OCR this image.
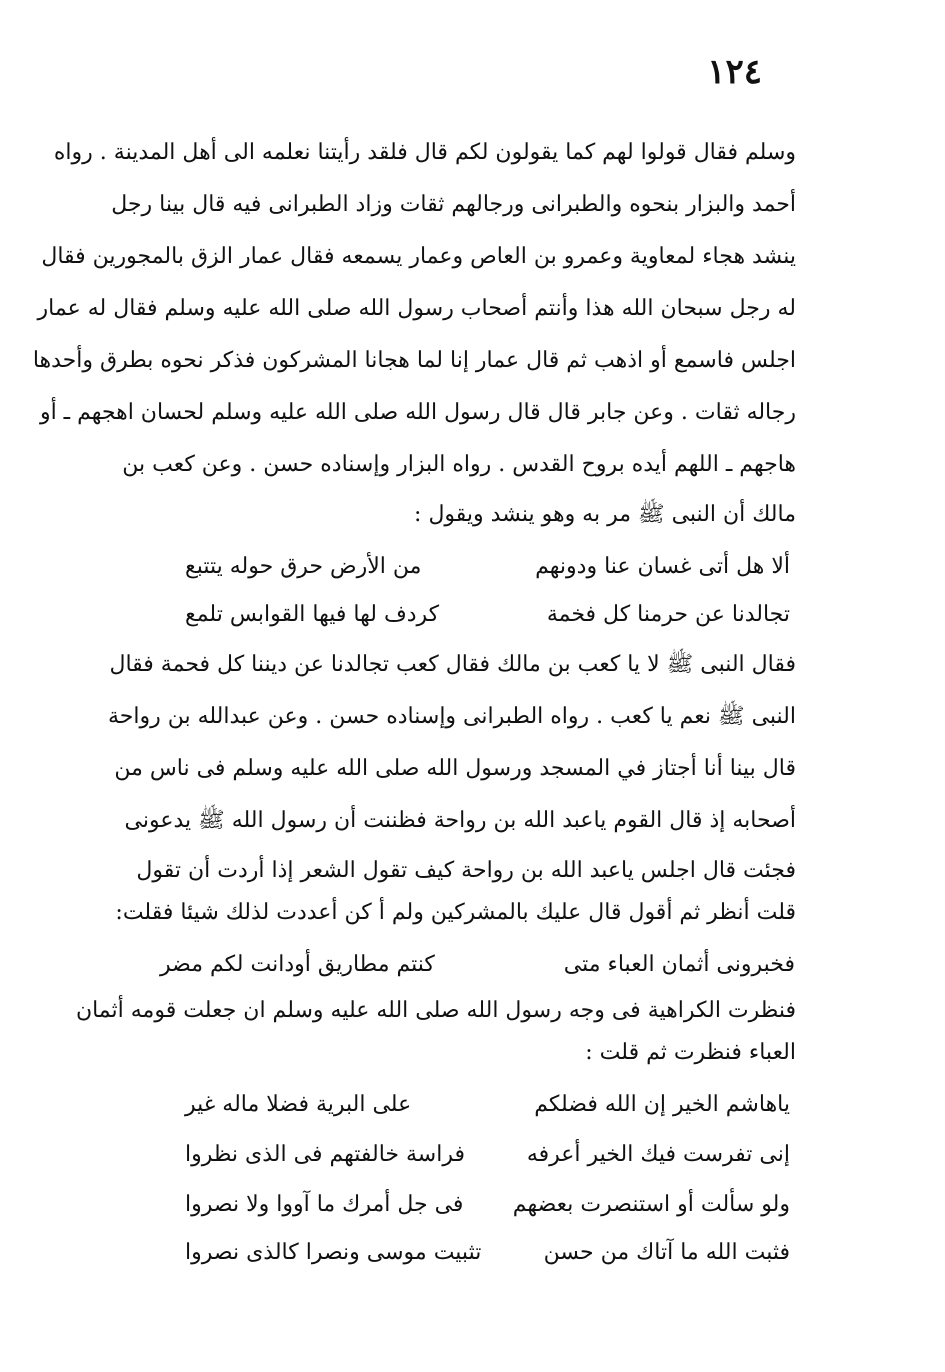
١٢٤

وسلم فقال قولوا لهم كما يقولون لكم قال فلقد رأيتنا نعلمه الى أهل المدينة . رواه

أحمد والبزار بنحوه والطبرانى ورجالهم ثقات وزاد الطبرانى فيه قال بينا رجل

ينشد هجاء لمعاوية وعمرو بن العاص وعمار يسمعه فقال عمار الزق بالمجورين فقال

له رجل سبحان الله هذا وأنتم أصحاب رسول الله صلى الله عليه وسلم فقال له عمار

اجلس فاسمع أو اذهب ثم قال عمار إنا لما هجانا المشركون فذكر نحوه بطرق وأحدها

رجاله ثقات . وعن جابر قال قال رسول الله صلى الله عليه وسلم لحسان اهجهم ـ أو

هاجهم ـ اللهم أيده بروح القدس . رواه البزار وإسناده حسن . وعن كعب بن

مالك أن النبى ﷺ مر به وهو ينشد ويقول :

ألا هل أتى غسان عنا ودونهم

من الأرض حرق حوله يتتبع

تجالدنا عن حرمنا كل فخمة

كردف لها فيها القوابس تلمع

فقال النبى ﷺ لا يا كعب بن مالك فقال كعب تجالدنا عن ديننا كل فحمة فقال

النبى ﷺ نعم يا كعب . رواه الطبرانى وإسناده حسن . وعن عبدالله بن رواحة

قال بينا أنا أجتاز في المسجد ورسول الله صلى الله عليه وسلم فى ناس من

أصحابه إذ قال القوم ياعبد الله بن رواحة فظننت أن رسول الله ﷺ يدعونى

فجئت قال اجلس ياعبد الله بن رواحة كيف تقول الشعر إذا أردت أن تقول

قلت أنظر ثم أقول قال عليك بالمشركين ولم أ كن أعددت لذلك شيئا فقلت:

فخبرونى أثمان العباء متى

كنتم مطاريق أودانت لكم مضر

فنظرت الكراهية فى وجه رسول الله صلى الله عليه وسلم ان جعلت قومه أثمان

العباء فنظرت ثم قلت :

ياهاشم الخير إن الله فضلكم

على البرية فضلا ماله غير

إنى تفرست فيك الخير أعرفه

فراسة خالفتهم فى الذى نظروا

ولو سألت أو استنصرت بعضهم

فى جل أمرك ما آووا ولا نصروا

فثبت الله ما آتاك من حسن

تثبيت موسى ونصرا كالذى نصروا
